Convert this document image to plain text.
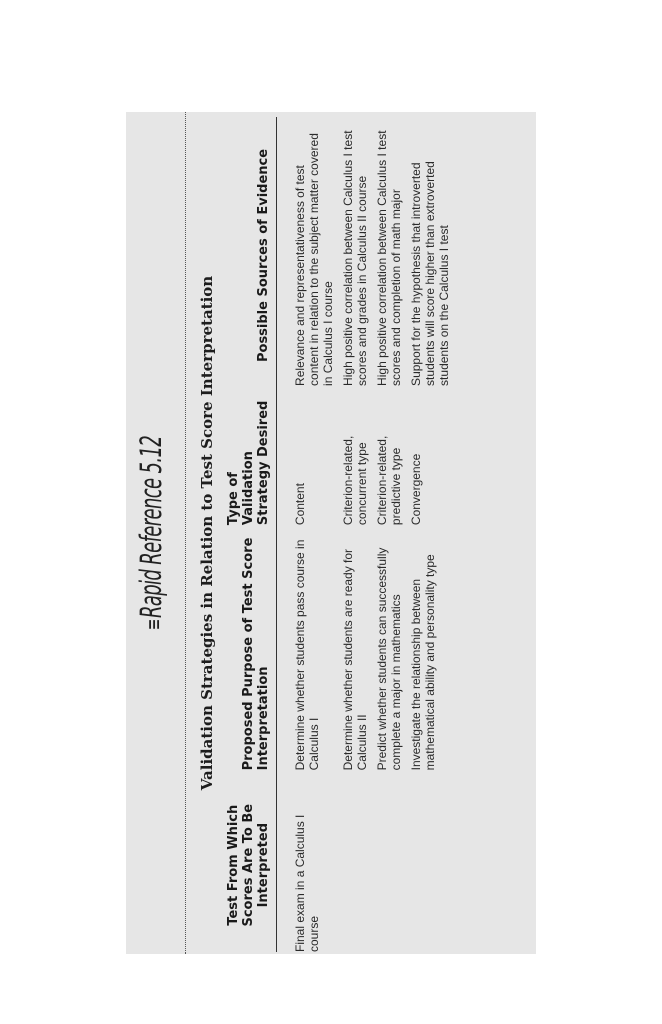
≡Rapid Reference 5.12	Validation Strategies in Relation to Test Score Interpretation
Test From Which Scores Are To Be Interpreted	Proposed Purpose of Test Score Interpretation	Type of Validation Strategy Desired	Possible Sources of Evidence
Final exam in a Calculus I course	Determine whether students pass course in Calculus I	Content	Relevance and representativeness of test content in relation to the subject matter covered in Calculus I course
	Determine whether students are ready for Calculus II	Criterion-related, concurrent type	High positive correlation between Calculus I test scores and grades in Calculus II course
	Predict whether students can successfully complete a major in mathematics	Criterion-related, predictive type	High positive correlation between Calculus I test scores and completion of math major
	Investigate the relationship between mathematical ability and personality type	Convergence	Support for the hypothesis that introverted students will score higher than extroverted students on the Calculus I test
